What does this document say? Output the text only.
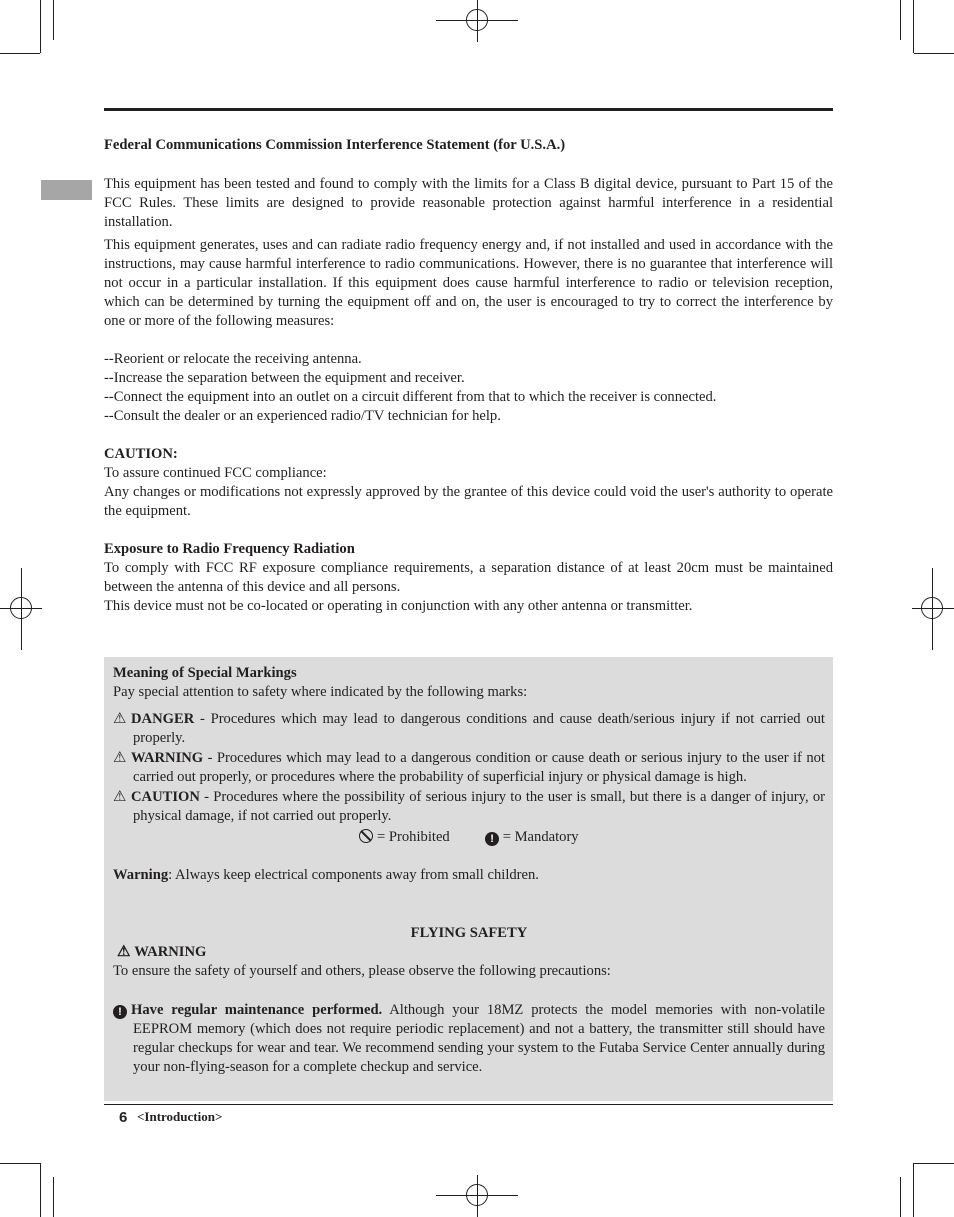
Federal Communications Commission Interference Statement (for U.S.A.)

This equipment has been tested and found to comply with the limits for a Class B digital device, pursuant to Part 15 of the FCC Rules. These limits are designed to provide reasonable protection against harmful interference in a residential installation.

This equipment generates, uses and can radiate radio frequency energy and, if not installed and used in accordance with the instructions, may cause harmful interference to radio communications. However, there is no guarantee that interference will not occur in a particular installation. If this equipment does cause harmful interference to radio or television reception, which can be determined by turning the equipment off and on, the user is encouraged to try to correct the interference by one or more of the following measures:

--Reorient or relocate the receiving antenna.

--Increase the separation between the equipment and receiver.

--Connect the equipment into an outlet on a circuit different from that to which the receiver is connected.

--Consult the dealer or an experienced radio/TV technician for help.

CAUTION:

To assure continued FCC compliance:

Any changes or modifications not expressly approved by the grantee of this device could void the user's authority to operate the equipment.

Exposure to Radio Frequency Radiation

To comply with FCC RF exposure compliance requirements, a separation distance of at least 20cm must be maintained between the antenna of this device and all persons.

This device must not be co-located or operating in conjunction with any other antenna or transmitter.

Meaning of Special Markings

Pay special attention to safety where indicated by the following marks:

⚠ DANGER - Procedures which may lead to dangerous conditions and cause death/serious injury if not carried out properly.

⚠ WARNING - Procedures which may lead to a dangerous condition or cause death or serious injury to the user if not carried out properly, or procedures where the probability of superficial injury or physical damage is high.

⚠ CAUTION - Procedures where the possibility of serious injury to the user is small, but there is a danger of injury, or physical damage, if not carried out properly.

= Prohibited	! = Mandatory

Warning: Always keep electrical components away from small children.

FLYING SAFETY

⚠ WARNING

To ensure the safety of yourself and others, please observe the following precautions:

! Have regular maintenance performed. Although your 18MZ protects the model memories with non-volatile EEPROM memory (which does not require periodic replacement) and not a battery, the transmitter still should have regular checkups for wear and tear. We recommend sending your system to the Futaba Service Center annually during your non-flying-season for a complete checkup and service.

6 <Introduction>
